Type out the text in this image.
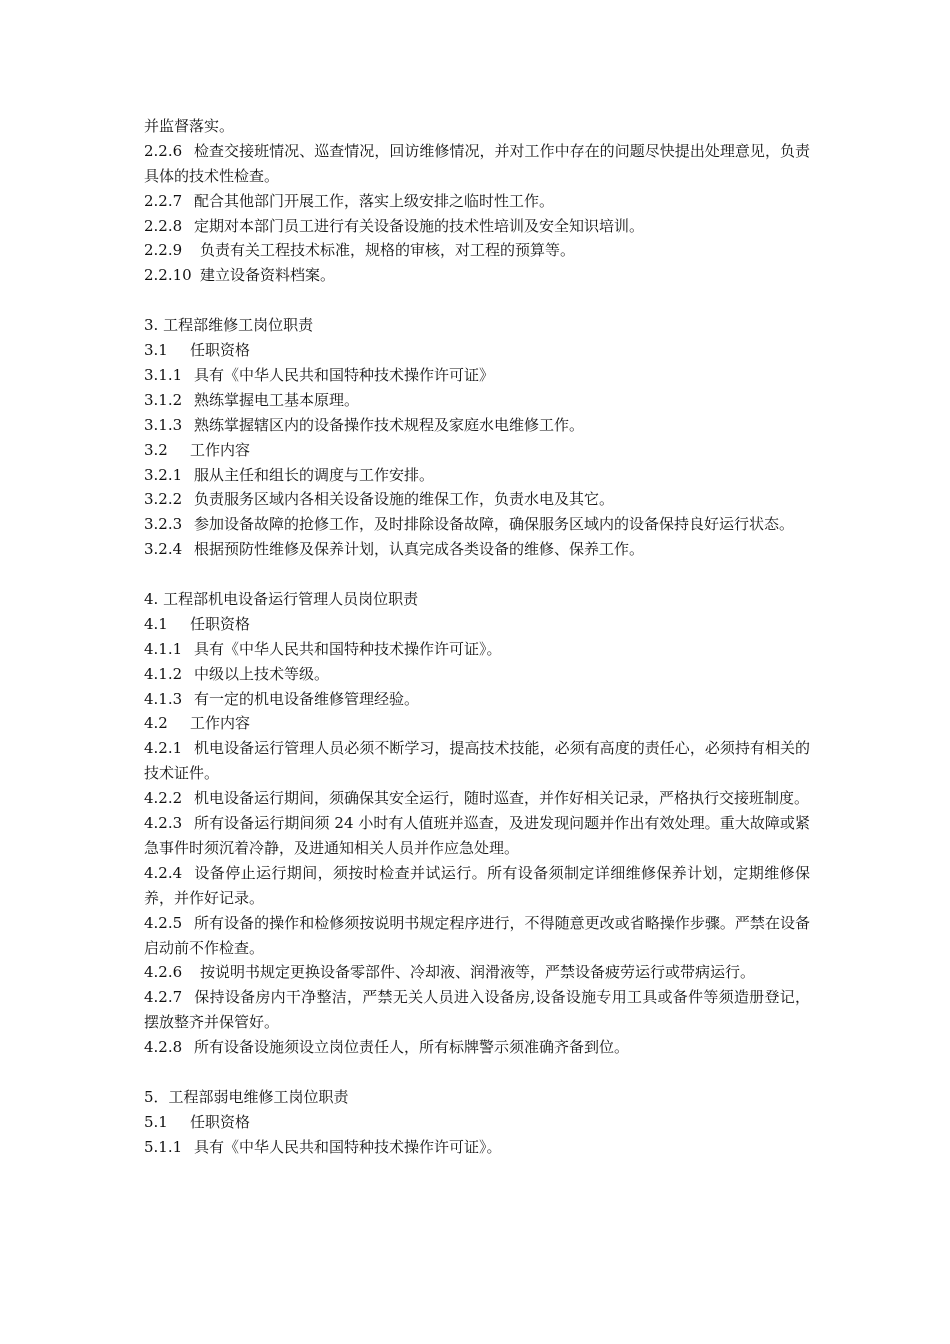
并监督落实。
2.2.6 检查交接班情况、巡查情况，回访维修情况，并对工作中存在的问题尽快提出处理意见，负责具体的技术性检查。
2.2.7 配合其他部门开展工作，落实上级安排之临时性工作。
2.2.8 定期对本部门员工进行有关设备设施的技术性培训及安全知识培训。
2.2.9 负责有关工程技术标准，规格的审核，对工程的预算等。
2.2.10 建立设备资料档案。
3. 工程部维修工岗位职责
3.1 任职资格
3.1.1 具有《中华人民共和国特种技术操作许可证》
3.1.2 熟练掌握电工基本原理。
3.1.3 熟练掌握辖区内的设备操作技术规程及家庭水电维修工作。
3.2 工作内容
3.2.1 服从主任和组长的调度与工作安排。
3.2.2 负责服务区域内各相关设备设施的维保工作，负责水电及其它。
3.2.3 参加设备故障的抢修工作，及时排除设备故障，确保服务区域内的设备保持良好运行状态。
3.2.4 根据预防性维修及保养计划，认真完成各类设备的维修、保养工作。
4. 工程部机电设备运行管理人员岗位职责
4.1 任职资格
4.1.1 具有《中华人民共和国特种技术操作许可证》。
4.1.2 中级以上技术等级。
4.1.3 有一定的机电设备维修管理经验。
4.2 工作内容
4.2.1 机电设备运行管理人员必须不断学习，提高技术技能，必须有高度的责任心，必须持有相关的技术证件。
4.2.2 机电设备运行期间，须确保其安全运行，随时巡查，并作好相关记录，严格执行交接班制度。
4.2.3 所有设备运行期间须 24 小时有人值班并巡查，及进发现问题并作出有效处理。重大故障或紧急事件时须沉着冷静，及进通知相关人员并作应急处理。
4.2.4 设备停止运行期间，须按时检查并试运行。所有设备须制定详细维修保养计划，定期维修保养，并作好记录。
4.2.5 所有设备的操作和检修须按说明书规定程序进行，不得随意更改或省略操作步骤。严禁在设备启动前不作检查。
4.2.6 按说明书规定更换设备零部件、冷却液、润滑液等，严禁设备疲劳运行或带病运行。
4.2.7 保持设备房内干净整洁，严禁无关人员进入设备房,设备设施专用工具或备件等须造册登记，摆放整齐并保管好。
4.2.8 所有设备设施须设立岗位责任人，所有标牌警示须准确齐备到位。
5．工程部弱电维修工岗位职责
5.1 任职资格
5.1.1 具有《中华人民共和国特种技术操作许可证》。
